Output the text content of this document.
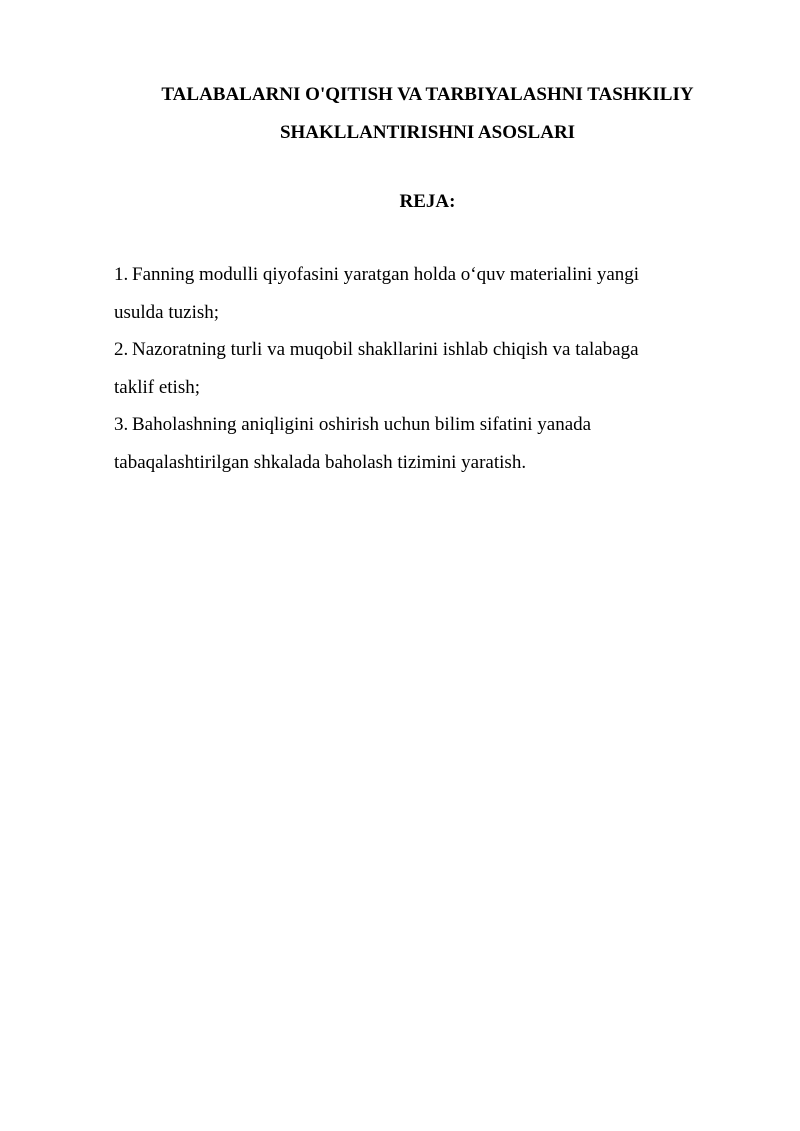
TALABALARNI O'QITISH VA TARBIYALASHNI TASHKILIY
SHAKLLANTIRISHNI ASOSLARI
REJA:
1. Fanning modulli qiyofasini yaratgan holda o‘quv materialini yangi
usulda tuzish;
2. Nazoratning turli va muqobil shakllarini ishlab chiqish va talabaga
taklif etish;
3. Baholashning aniqligini oshirish uchun bilim sifatini yanada
tabaqalashtirilgan shkalada baholash tizimini yaratish.
